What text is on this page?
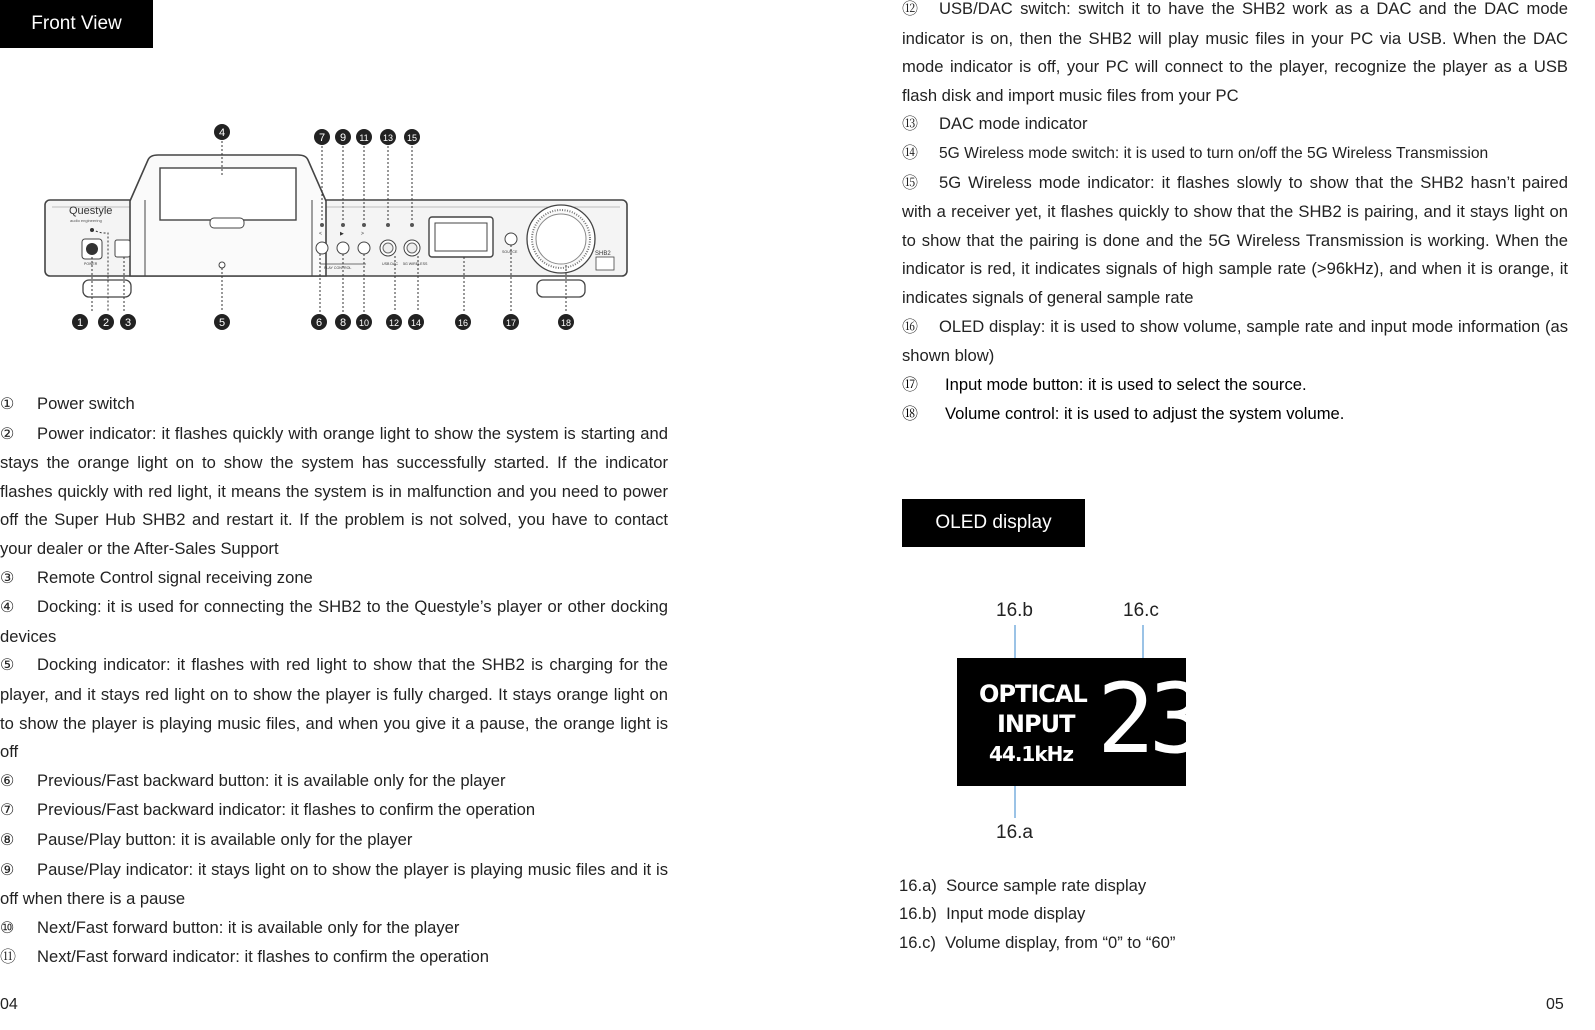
Front View
Questyle
audio engineering
POWER
<	▶	>
PLAY CONTROL
USB DAC 5G WIRELESS
SOURCE	SHB2
4	7 9 11 13 15
1 2 3	5	6 8 10 12 14	16	17	18
① Power switch
② Power indicator: it flashes quickly with orange light to show the system is starting and stays the orange light on to show the system has successfully started. If the indicator flashes quickly with red light, it means the system is in malfunction and you need to power off the Super Hub SHB2 and restart it. If the problem is not solved, you have to contact your dealer or the After-Sales Support
③ Remote Control signal receiving zone
④ Docking: it is used for connecting the SHB2 to the Questyle’s player or other docking devices
⑤ Docking indicator: it flashes with red light to show that the SHB2 is charging for the player, and it stays red light on to show the player is fully charged. It stays orange light on to show the player is playing music files, and when you give it a pause, the orange light is off
⑥ Previous/Fast backward button: it is available only for the player
⑦ Previous/Fast backward indicator: it flashes to confirm the operation
⑧ Pause/Play button: it is available only for the player
⑨ Pause/Play indicator: it stays light on to show the player is playing music files and it is off when there is a pause
⑩ Next/Fast forward button: it is available only for the player
⑪ Next/Fast forward indicator: it flashes to confirm the operation
04
⑫ USB/DAC switch: switch it to have the SHB2 work as a DAC and the DAC mode indicator is on, then the SHB2 will play music files in your PC via USB. When the DAC mode indicator is off, your PC will connect to the player, recognize the player as a USB flash disk and import music files from your PC
⑬ DAC mode indicator
⑭ 5G Wireless mode switch: it is used to turn on/off the 5G Wireless Transmission
⑮ 5G Wireless mode indicator: it flashes slowly to show that the SHB2 hasn’t paired with a receiver yet, it flashes quickly to show that the SHB2 is pairing, and it stays light on to show that the pairing is done and the 5G Wireless Transmission is working. When the indicator is red, it indicates signals of high sample rate (>96kHz), and when it is orange, it indicates signals of general sample rate
⑯ OLED display: it is used to show volume, sample rate and input mode information (as shown blow)
⑰ Input mode button: it is used to select the source.
⑱ Volume control: it is used to adjust the system volume.
OLED display
16.b	16.c
16.a
OPTICAL
INPUT
44.1kHz 23
16.a) Source sample rate display
16.b) Input mode display
16.c) Volume display, from “0” to “60”
05
